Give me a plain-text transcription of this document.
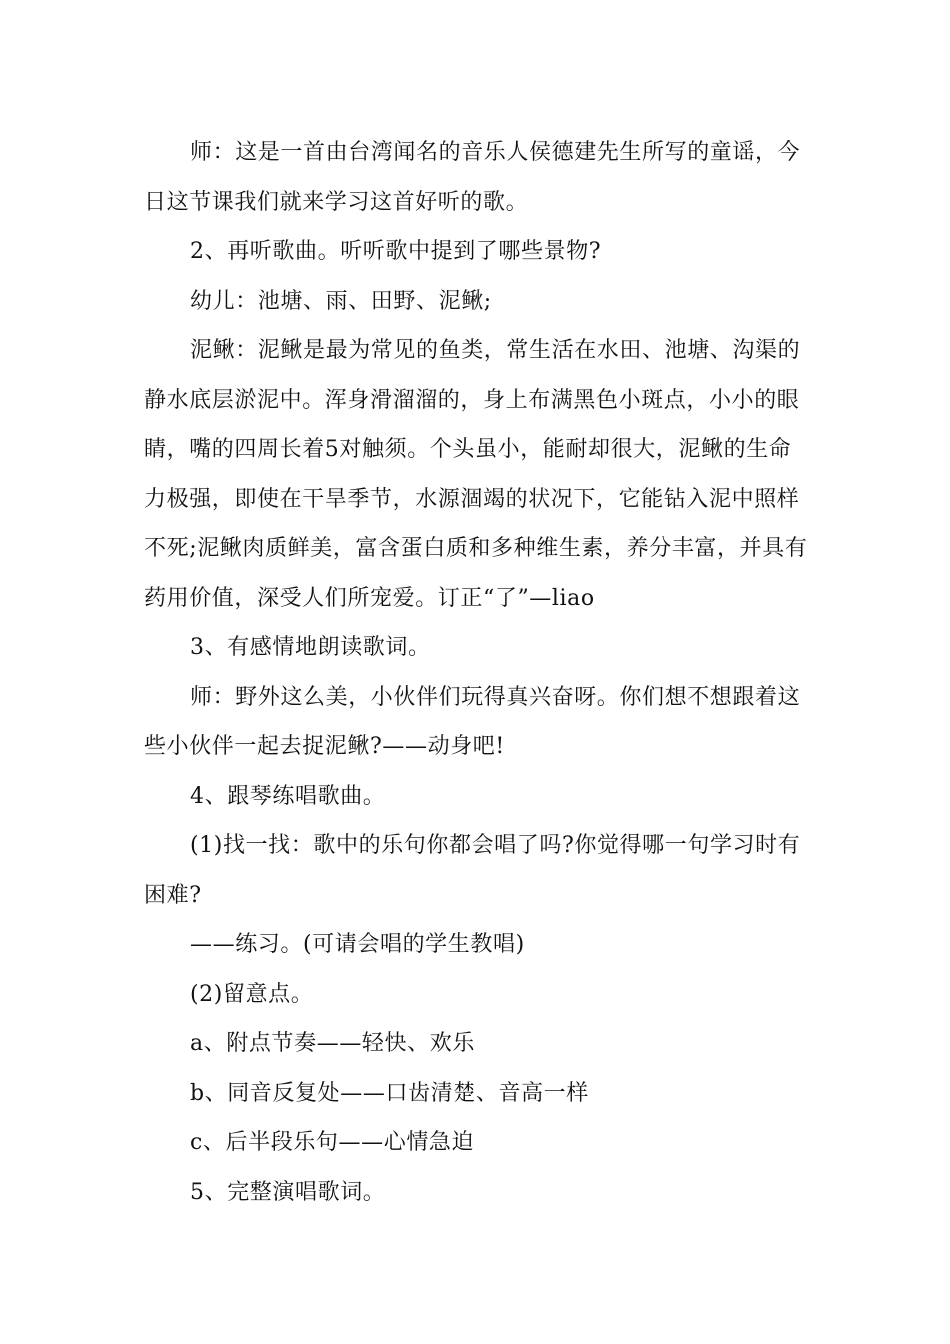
师：这是一首由台湾闻名的音乐人侯德建先生所写的童谣，今日这节课我们就来学习这首好听的歌。

2、再听歌曲。听听歌中提到了哪些景物?

幼儿：池塘、雨、田野、泥鳅;

泥鳅：泥鳅是最为常见的鱼类，常生活在水田、池塘、沟渠的静水底层淤泥中。浑身滑溜溜的，身上布满黑色小斑点，小小的眼睛，嘴的四周长着5对触须。个头虽小，能耐却很大，泥鳅的生命力极强，即使在干旱季节，水源涸竭的状况下，它能钻入泥中照样不死;泥鳅肉质鲜美，富含蛋白质和多种维生素，养分丰富，并具有药用价值，深受人们所宠爱。订正“了”—liao

3、有感情地朗读歌词。

师：野外这么美，小伙伴们玩得真兴奋呀。你们想不想跟着这些小伙伴一起去捉泥鳅?——动身吧!

4、跟琴练唱歌曲。

(1)找一找：歌中的乐句你都会唱了吗?你觉得哪一句学习时有困难?

——练习。(可请会唱的学生教唱)

(2)留意点。

a、附点节奏——轻快、欢乐

b、同音反复处——口齿清楚、音高一样

c、后半段乐句——心情急迫

5、完整演唱歌词。
